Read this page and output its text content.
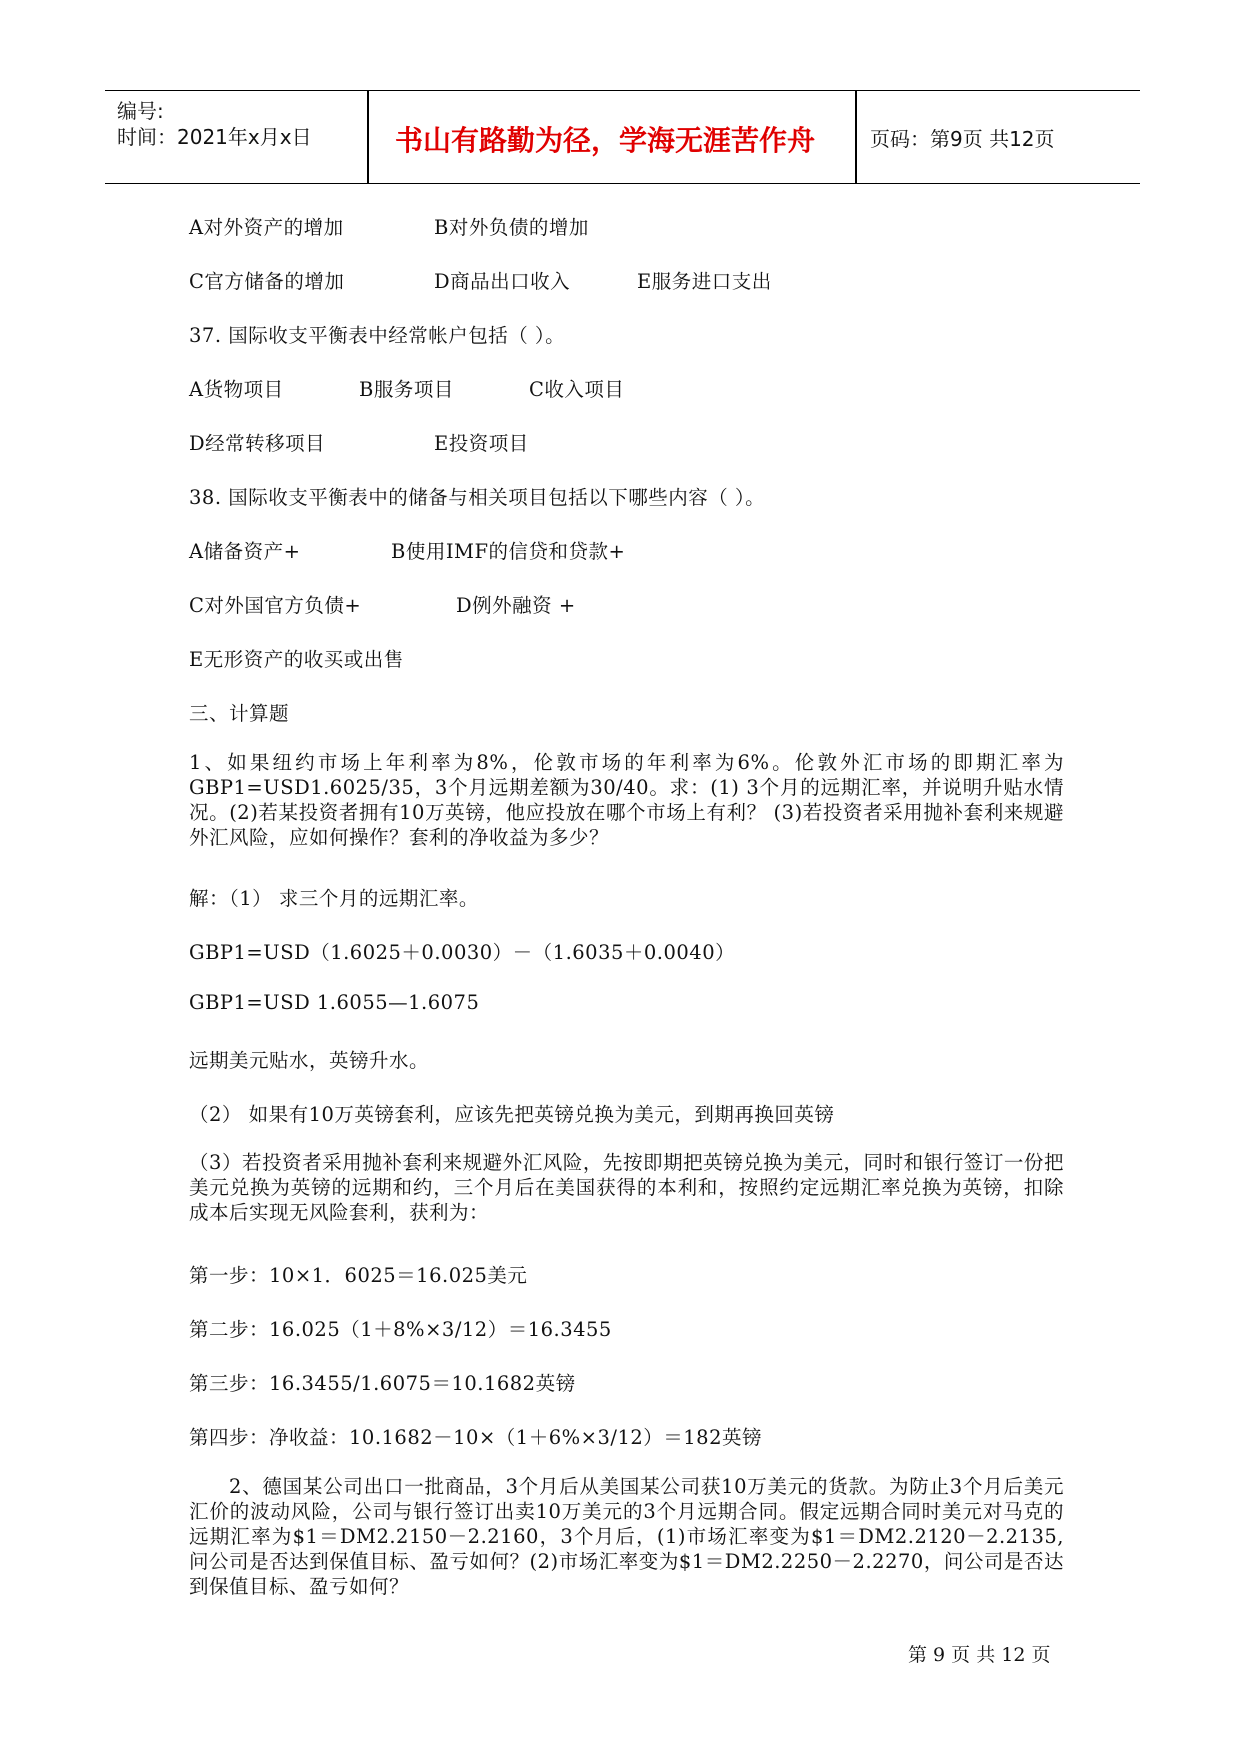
编号:
时间：2021年x月x日	书山有路勤为径，学海无涯苦作舟	页码：第9页 共12页
A对外资产的增加	B对外负债的增加
C官方储备的增加	D商品出口收入	E服务进口支出
37. 国际收支平衡表中经常帐户包括（ ）。
A货物项目	B服务项目	C收入项目
D经常转移项目	E投资项目
38. 国际收支平衡表中的储备与相关项目包括以下哪些内容（ ）。
A储备资产+	B使用IMF的信贷和贷款+
C对外国官方负债+	D例外融资 +
E无形资产的收买或出售
三、计算题
1、如果纽约市场上年利率为8%，伦敦市场的年利率为6%。伦敦外汇市场的即期汇率为GBP1=USD1.6025/35，3个月远期差额为30/40。求：(1) 3个月的远期汇率，并说明升贴水情况。(2)若某投资者拥有10万英镑，他应投放在哪个市场上有利？ (3)若投资者采用抛补套利来规避外汇风险，应如何操作？套利的净收益为多少？
解：（1） 求三个月的远期汇率。
GBP1=USD（1.6025＋0.0030）－（1.6035＋0.0040）
GBP1=USD 1.6055—1.6075
远期美元贴水，英镑升水。
（2） 如果有10万英镑套利，应该先把英镑兑换为美元，到期再换回英镑
（3）若投资者采用抛补套利来规避外汇风险，先按即期把英镑兑换为美元，同时和银行签订一份把美元兑换为英镑的远期和约，三个月后在美国获得的本利和，按照约定远期汇率兑换为英镑，扣除成本后实现无风险套利，获利为：
第一步：10×1．6025＝16.025美元
第二步：16.025（1＋8%×3/12）＝16.3455
第三步：16.3455/1.6075＝10.1682英镑
第四步：净收益：10.1682－10×（1＋6%×3/12）＝182英镑
2、德国某公司出口一批商品，3个月后从美国某公司获10万美元的货款。为防止3个月后美元汇价的波动风险，公司与银行签订出卖10万美元的3个月远期合同。假定远期合同时美元对马克的远期汇率为$1＝DM2.2150－2.2160，3个月后，(1)市场汇率变为$1＝DM2.2120－2.2135,问公司是否达到保值目标、盈亏如何？(2)市场汇率变为$1＝DM2.2250－2.2270，问公司是否达到保值目标、盈亏如何？
第 9 页 共 12 页
